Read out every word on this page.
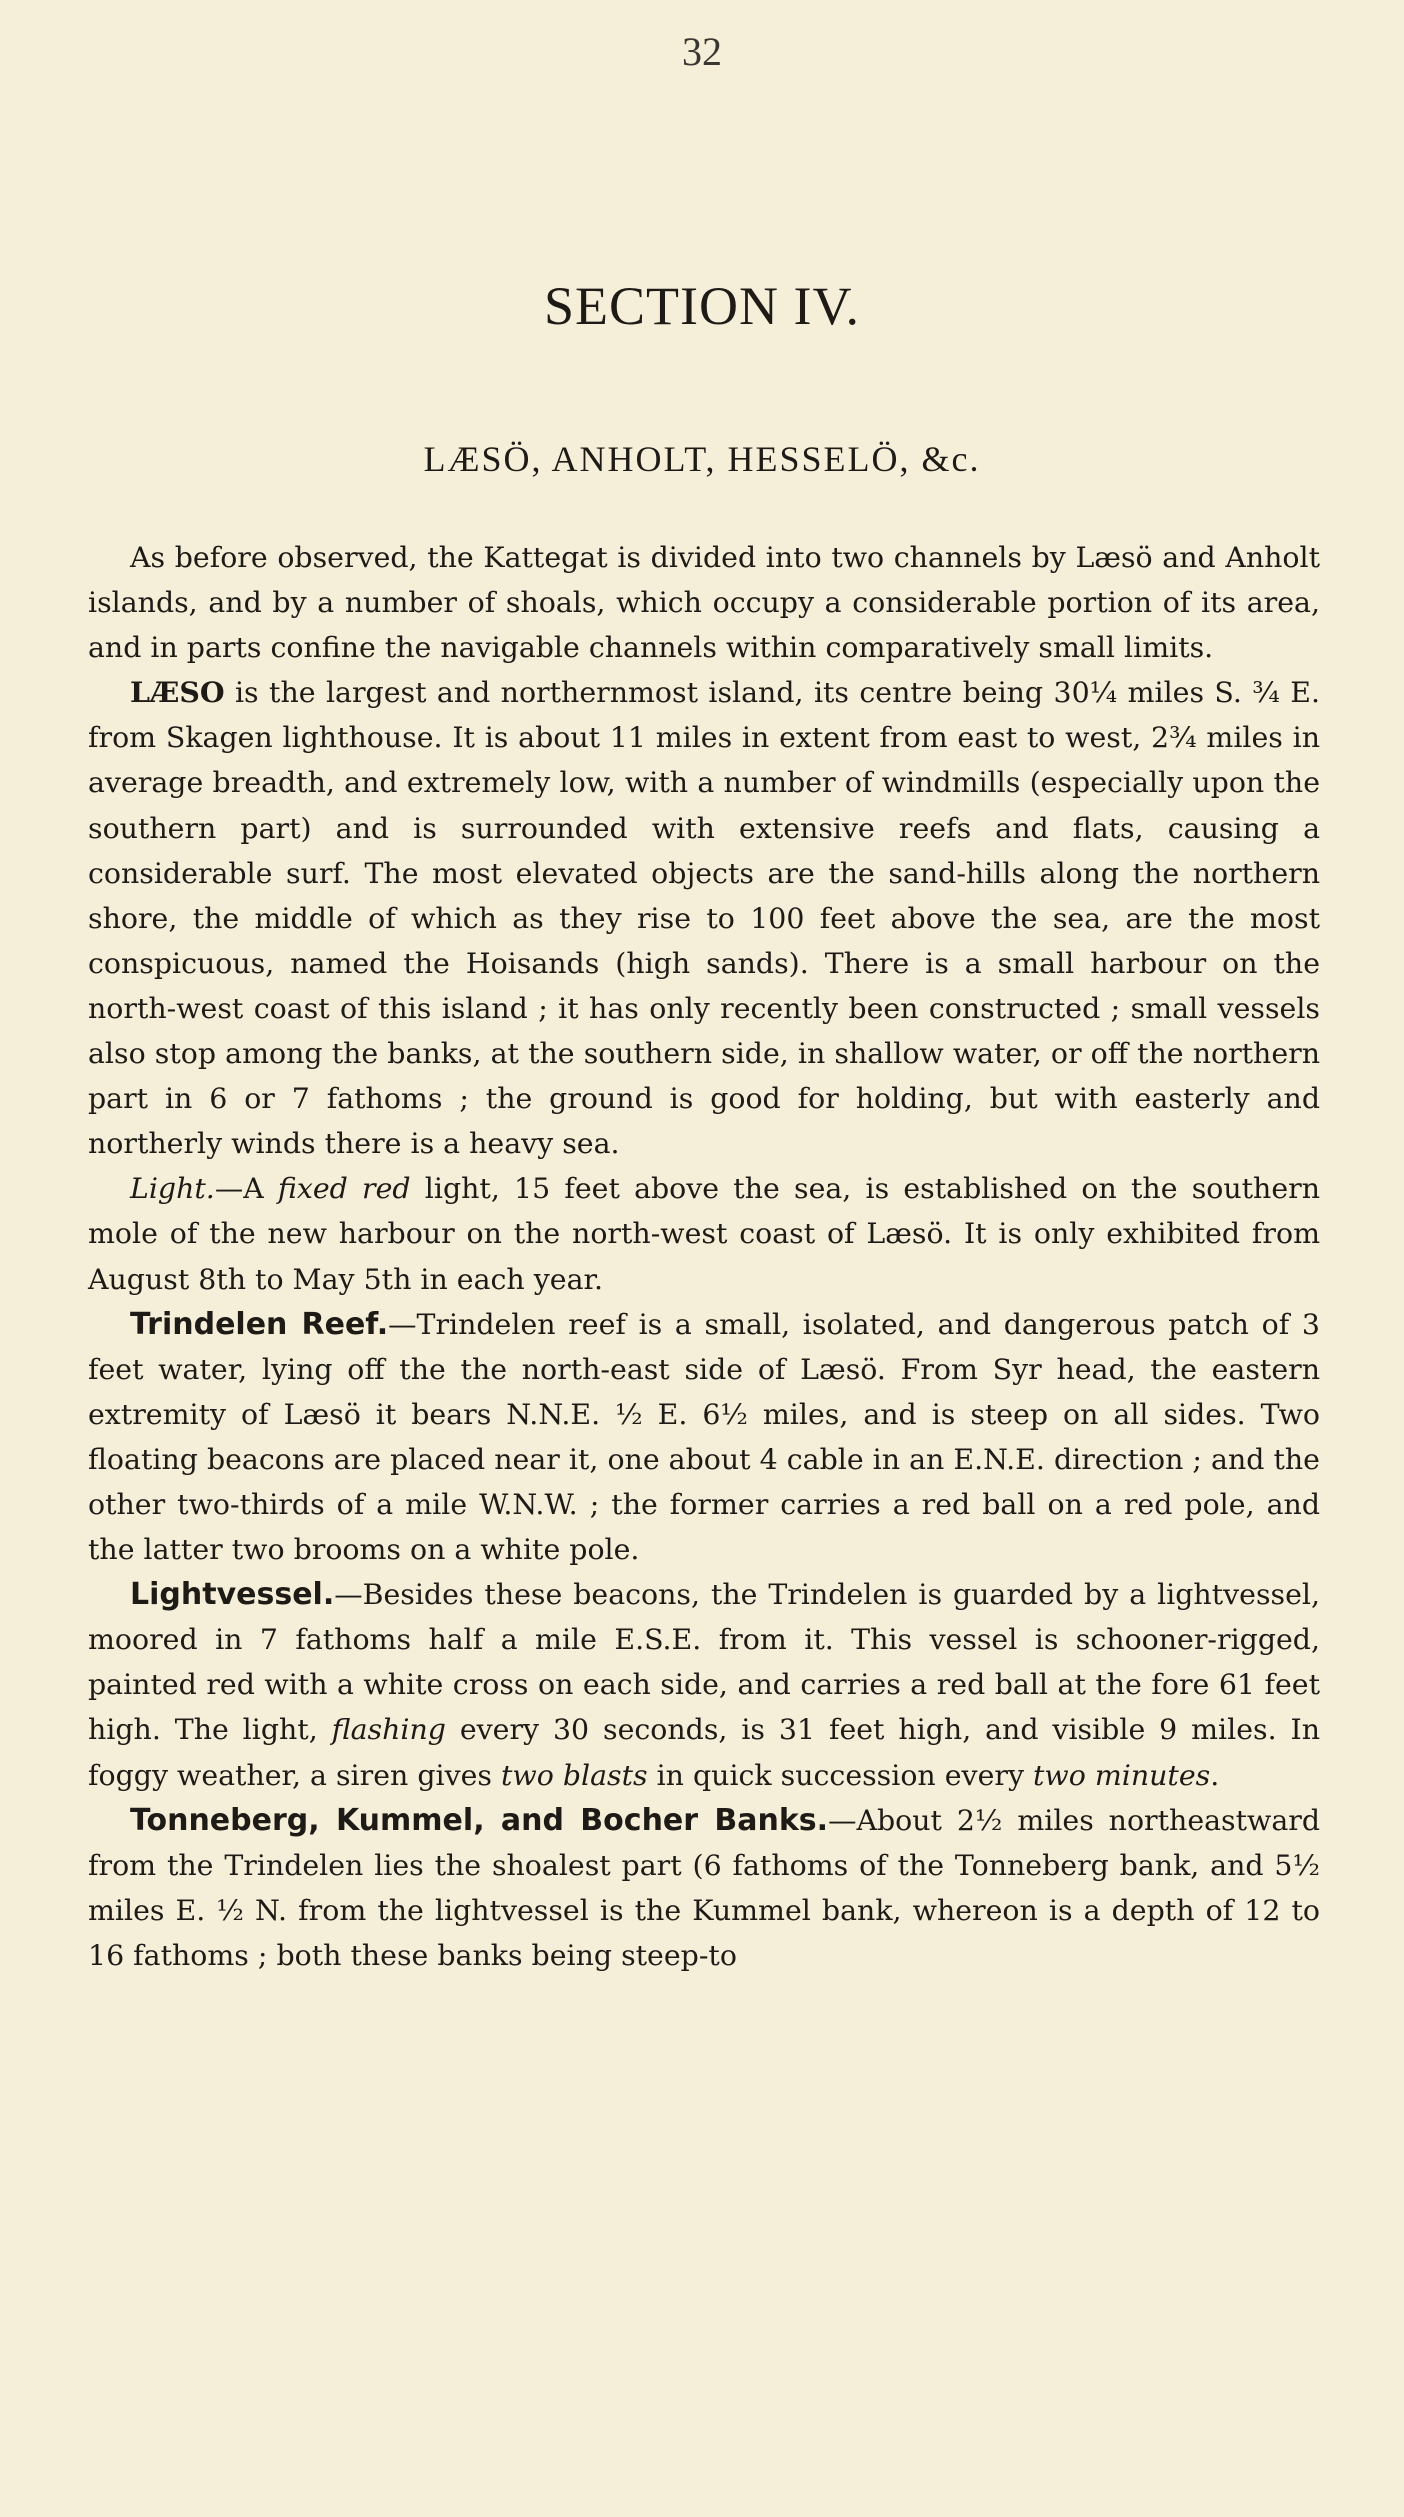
32
SECTION IV.
LÆSÖ, ANHOLT, HESSELÖ, &c.

As before observed, the Kattegat is divided into two channels by Læsö and Anholt islands, and by a number of shoals, which occupy a considerable portion of its area, and in parts confine the navigable channels within comparatively small limits.

LÆSO is the largest and northernmost island, its centre being 30¼ miles S. ¾ E. from Skagen lighthouse. It is about 11 miles in extent from east to west, 2¾ miles in average breadth, and extremely low, with a number of windmills (especially upon the southern part) and is surrounded with extensive reefs and flats, causing a considerable surf. The most elevated objects are the sand-hills along the northern shore, the middle of which as they rise to 100 feet above the sea, are the most conspicuous, named the Hoisands (high sands). There is a small harbour on the north-west coast of this island ; it has only recently been constructed ; small vessels also stop among the banks, at the southern side, in shallow water, or off the northern part in 6 or 7 fathoms ; the ground is good for holding, but with easterly and northerly winds there is a heavy sea.

Light.—A fixed red light, 15 feet above the sea, is established on the southern mole of the new harbour on the north-west coast of Læsö. It is only exhibited from August 8th to May 5th in each year.

Trindelen Reef.—Trindelen reef is a small, isolated, and dangerous patch of 3 feet water, lying off the the north-east side of Læsö. From Syr head, the eastern extremity of Læsö it bears N.N.E. ½ E. 6½ miles, and is steep on all sides. Two floating beacons are placed near it, one about 4 cable in an E.N.E. direction ; and the other two-thirds of a mile W.N.W. ; the former carries a red ball on a red pole, and the latter two brooms on a white pole.

Lightvessel.—Besides these beacons, the Trindelen is guarded by a lightvessel, moored in 7 fathoms half a mile E.S.E. from it. This vessel is schooner-rigged, painted red with a white cross on each side, and carries a red ball at the fore 61 feet high. The light, flashing every 30 seconds, is 31 feet high, and visible 9 miles. In foggy weather, a siren gives two blasts in quick succession every two minutes.

Tonneberg, Kummel, and Bocher Banks.—About 2½ miles northeastward from the Trindelen lies the shoalest part (6 fathoms of the Tonneberg bank, and 5½ miles E. ½ N. from the lightvessel is the Kummel bank, whereon is a depth of 12 to 16 fathoms ; both these banks being steep-to
